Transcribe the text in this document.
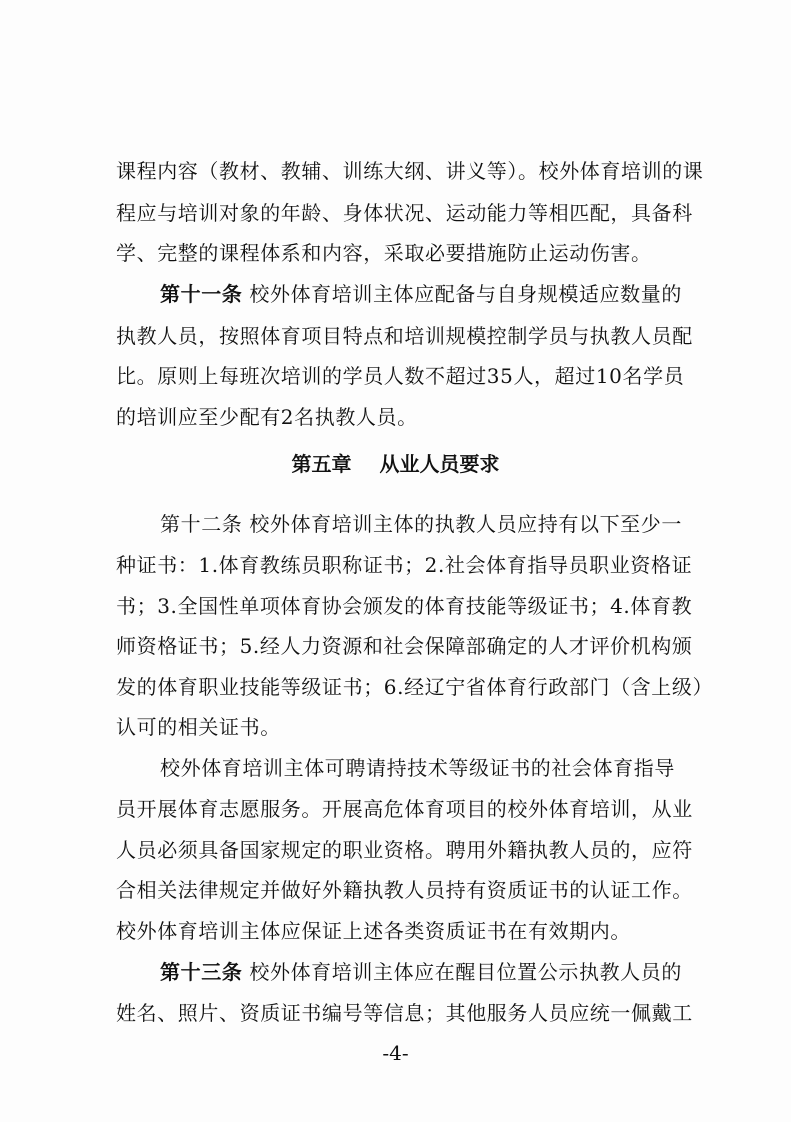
课程内容（教材、教辅、训练大纲、讲义等）。校外体育培训的课
程应与培训对象的年龄、身体状况、运动能力等相匹配，具备科
学、完整的课程体系和内容，采取必要措施防止运动伤害。
第十一条 校外体育培训主体应配备与自身规模适应数量的
执教人员，按照体育项目特点和培训规模控制学员与执教人员配
比。原则上每班次培训的学员人数不超过35人，超过10名学员
的培训应至少配有2名执教人员。
第五章 从业人员要求
第十二条 校外体育培训主体的执教人员应持有以下至少一
种证书：1.体育教练员职称证书；2.社会体育指导员职业资格证
书；3.全国性单项体育协会颁发的体育技能等级证书；4.体育教
师资格证书；5.经人力资源和社会保障部确定的人才评价机构颁
发的体育职业技能等级证书；6.经辽宁省体育行政部门（含上级）
认可的相关证书。
校外体育培训主体可聘请持技术等级证书的社会体育指导
员开展体育志愿服务。开展高危体育项目的校外体育培训，从业
人员必须具备国家规定的职业资格。聘用外籍执教人员的，应符
合相关法律规定并做好外籍执教人员持有资质证书的认证工作。
校外体育培训主体应保证上述各类资质证书在有效期内。
第十三条 校外体育培训主体应在醒目位置公示执教人员的
姓名、照片、资质证书编号等信息；其他服务人员应统一佩戴工
-4-
